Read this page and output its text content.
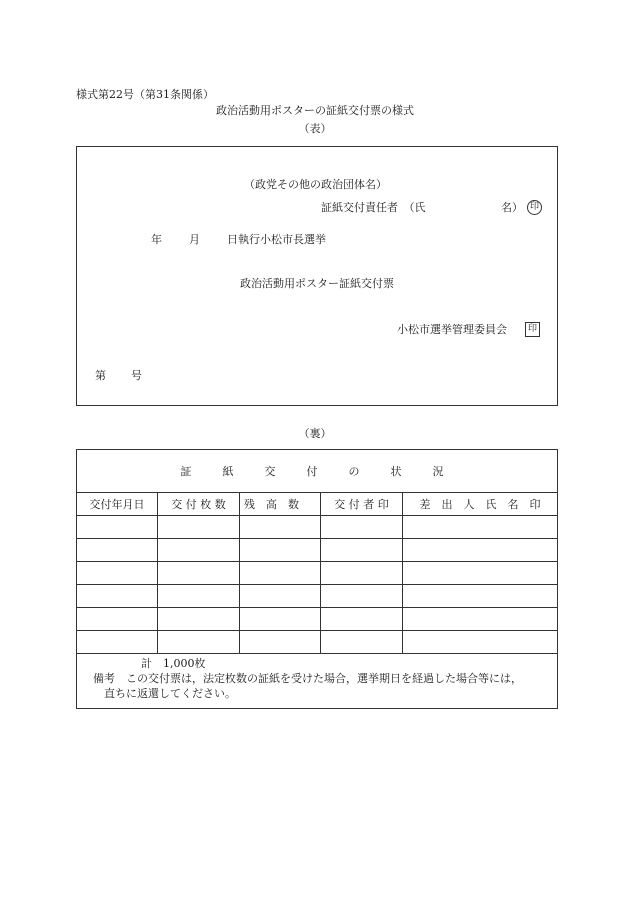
様式第22号（第31条関係）
政治活動用ポスターの証紙交付票の様式
（表）
（政党その他の政治団体名）
証紙交付責任者　（氏	名） 印
年 月 日執行小松市長選挙
政治活動用ポスター証紙交付票
小松市選挙管理委員会	印
第 号
（裏）
証　紙　交　付　の　状　況				
交付年月日	交 付 枚 数	残　高　数	交 付 者 印	差　出　人　氏　名　印

計　1,000枚
備考　この交付票は，法定枚数の証紙を受けた場合，選挙期日を経過した場合等には，
直ちに返還してください。				
